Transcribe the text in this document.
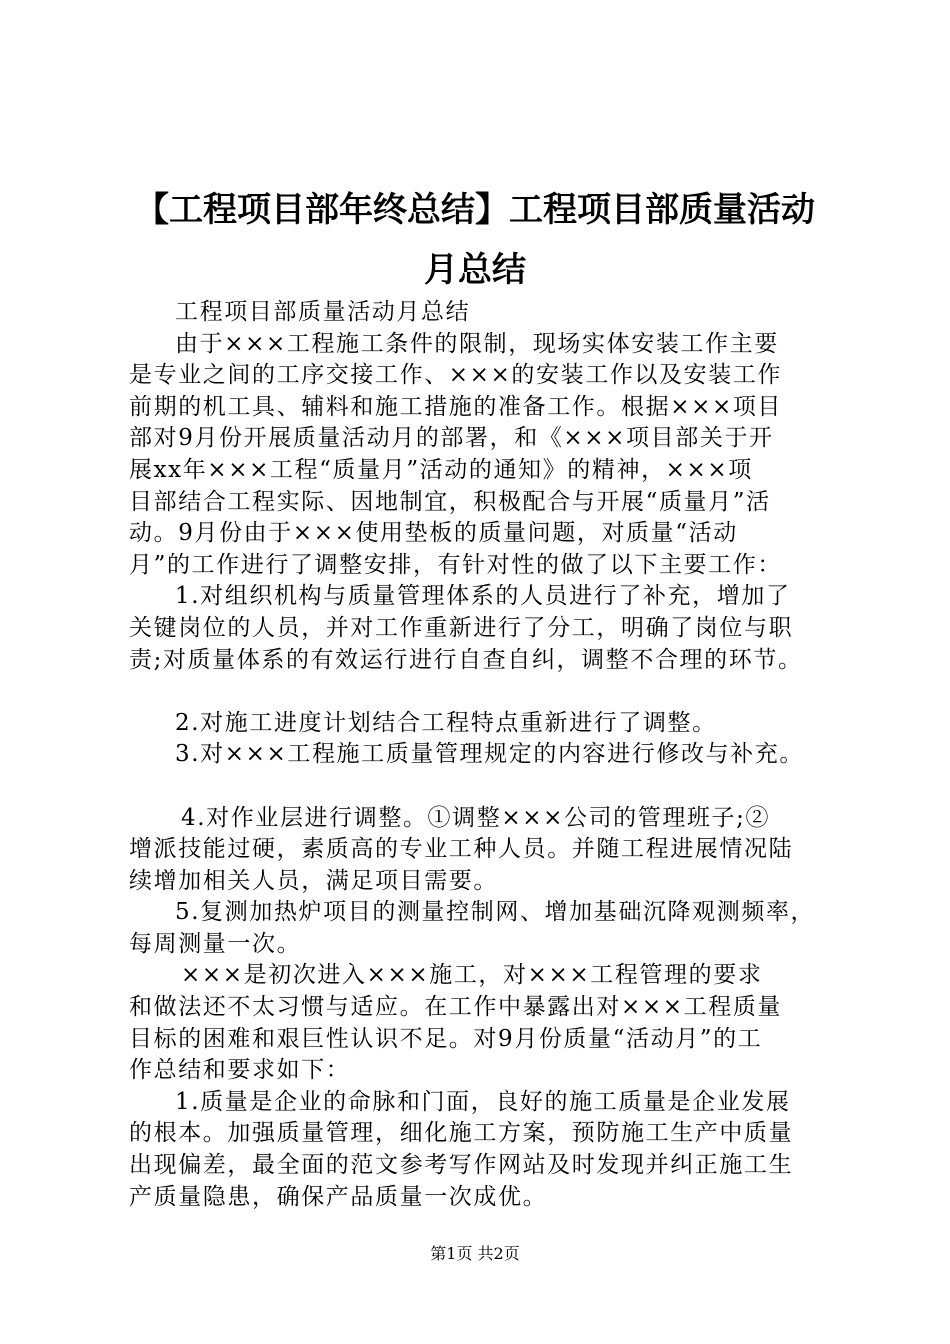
【工程项目部年终总结】工程项目部质量活动
月总结
工程项目部质量活动月总结
由于×××工程施工条件的限制，现场实体安装工作主要
是专业之间的工序交接工作、×××的安装工作以及安装工作
前期的机工具、辅料和施工措施的准备工作。根据×××项目
部对9月份开展质量活动月的部署，和《×××项目部关于开
展xx年×××工程“质量月”活动的通知》的精神，×××项
目部结合工程实际、因地制宜，积极配合与开展“质量月”活
动。9月份由于×××使用垫板的质量问题，对质量“活动
月”的工作进行了调整安排，有针对性的做了以下主要工作：
1.对组织机构与质量管理体系的人员进行了补充，增加了
关键岗位的人员，并对工作重新进行了分工，明确了岗位与职
责;对质量体系的有效运行进行自查自纠，调整不合理的环节。
2.对施工进度计划结合工程特点重新进行了调整。
3.对×××工程施工质量管理规定的内容进行修改与补充。
4.对作业层进行调整。①调整×××公司的管理班子;②
增派技能过硬，素质高的专业工种人员。并随工程进展情况陆
续增加相关人员，满足项目需要。
5.复测加热炉项目的测量控制网、增加基础沉降观测频率，
每周测量一次。
×××是初次进入×××施工，对×××工程管理的要求
和做法还不太习惯与适应。在工作中暴露出对×××工程质量
目标的困难和艰巨性认识不足。对9月份质量“活动月”的工
作总结和要求如下：
1.质量是企业的命脉和门面，良好的施工质量是企业发展
的根本。加强质量管理，细化施工方案，预防施工生产中质量
出现偏差，最全面的范文参考写作网站及时发现并纠正施工生
产质量隐患，确保产品质量一次成优。
第1页 共2页
